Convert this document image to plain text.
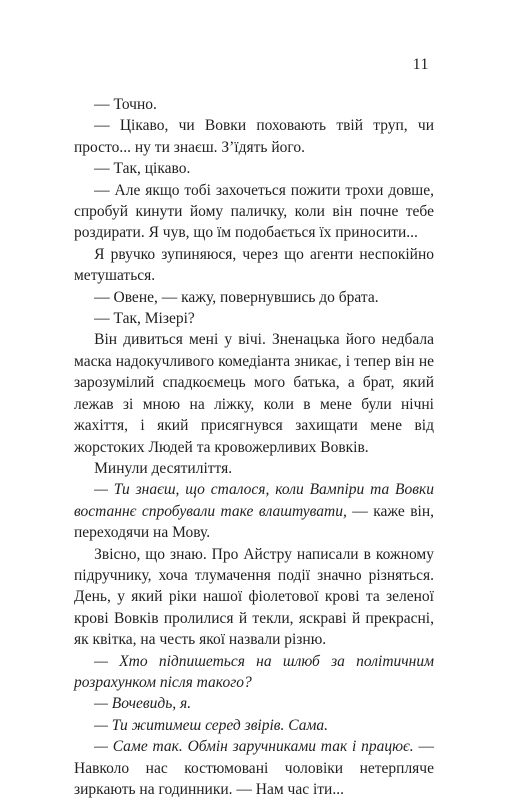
11

— Точно.

— Цікаво, чи Вовки поховають твій труп, чи просто... ну ти знаєш. З’їдять його.

— Так, цікаво.

— Але якщо тобі захочеться пожити трохи довше, спробуй кинути йому паличку, коли він почне тебе роздирати. Я чув, що їм подобається їх приносити...

Я рвучко зупиняюся, через що агенти неспокійно метушаться.

— Овене, — кажу, повернувшись до брата.

— Так, Мізері?

Він дивиться мені у вічі. Зненацька його недбала маска надокучливого комедіанта зникає, і тепер він не зарозумілий спадкоємець мого батька, а брат, який лежав зі мною на ліжку, коли в мене були нічні жахіття, і який присягнувся захищати мене від жорстоких Людей та кровожерливих Вовків.

Минули десятиліття.

— Ти знаєш, що сталося, коли Вампіри та Вовки востаннє спробували таке влаштувати, — каже він, переходячи на Мову.

Звісно, що знаю. Про Айстру написали в кожному підручнику, хоча тлумачення події значно різняться. День, у який ріки нашої фіолетової крові та зеленої крові Вовків пролилися й текли, яскраві й прекрасні, як квітка, на честь якої назвали різню.

— Хто підпишеться на шлюб за політичним розрахунком після такого?

— Вочевидь, я.

— Ти житимеш серед звірів. Сама.

— Саме так. Обмін заручниками так і працює. — Навколо нас костюмовані чоловіки нетерпляче зиркають на годинники. — Нам час іти...
